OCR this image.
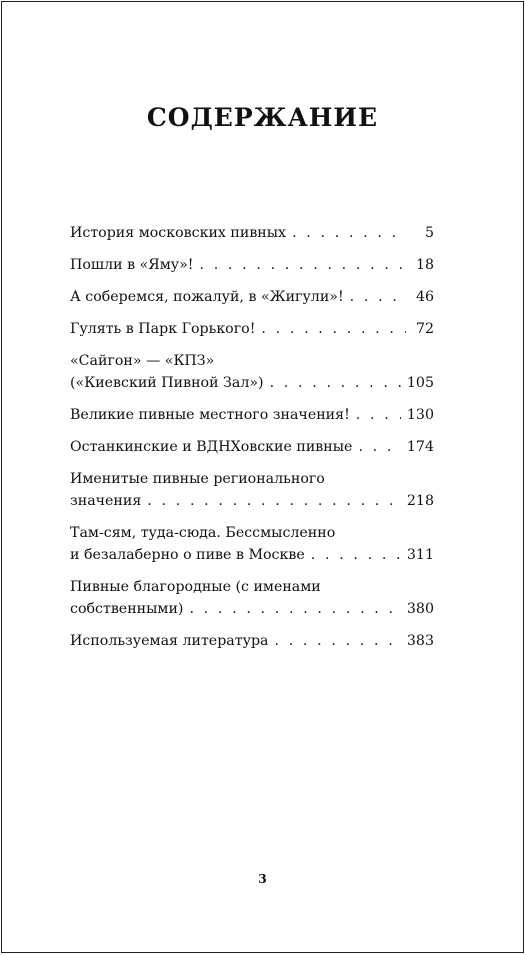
СОДЕРЖАНИЕ
История московских пивных . . .	5
Пошли в «Яму»! . . .	18
А соберемся, пожалуй, в «Жигули»! . . .	46
Гулять в Парк Горького! . . .	72
«Сайгон» — «КПЗ»
(«Киевский Пивной Зал») . . .	105
Великие пивные местного значения! . . .	130
Останкинские и ВДНХовские пивные . . .	174
Именитые пивные регионального
значения . . .	218
Там-сям, туда-сюда. Бессмысленно
и безалаберно о пиве в Москве . . .	311
Пивные благородные (с именами
собственными) . . .	380
Используемая литература . . .	383
3
